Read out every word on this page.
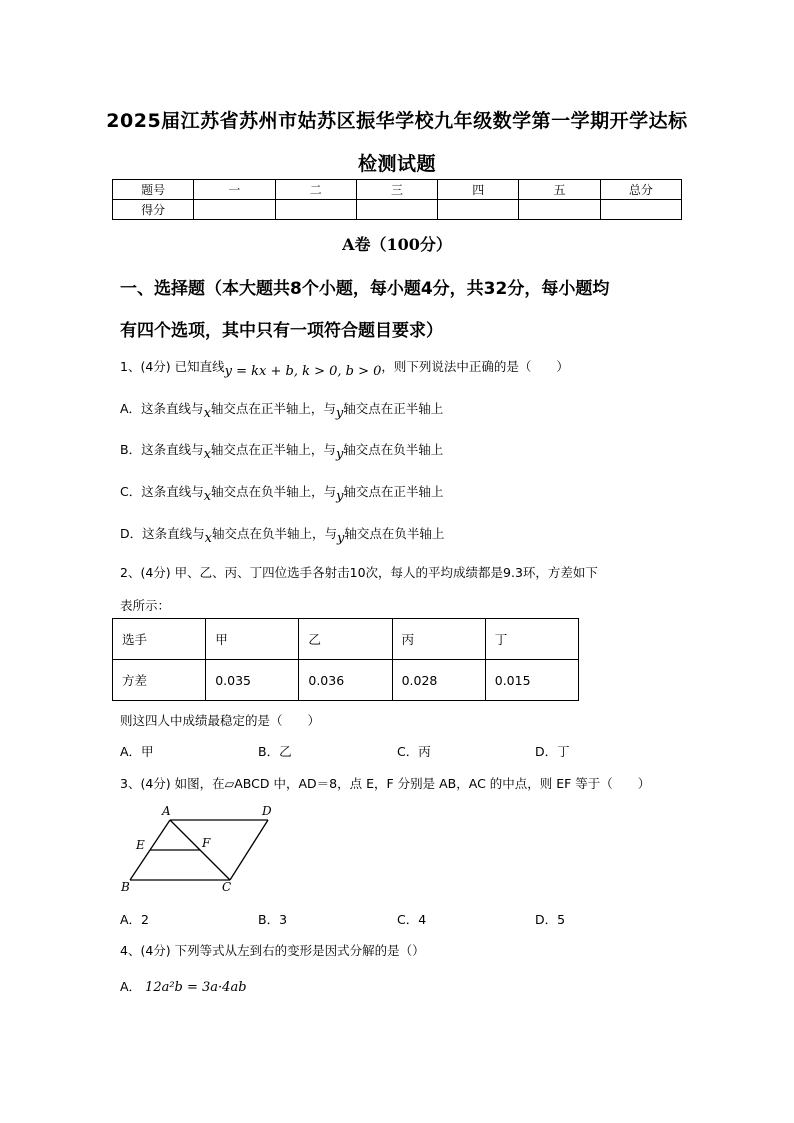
2025届江苏省苏州市姑苏区振华学校九年级数学第一学期开学达标
检测试题
题号	一	二	三	四	五	总分
得分						
A卷（100分）
一、选择题（本大题共8个小题，每小题4分，共32分，每小题均
有四个选项，其中只有一项符合题目要求）
1、(4分) 已知直线y = kx + b, k > 0, b > 0，则下列说法中正确的是（　　）
A．这条直线与x轴交点在正半轴上，与y轴交点在正半轴上
B．这条直线与x轴交点在正半轴上，与y轴交点在负半轴上
C．这条直线与x轴交点在负半轴上，与y轴交点在正半轴上
D．这条直线与x轴交点在负半轴上，与y轴交点在负半轴上
2、(4分) 甲、乙、丙、丁四位选手各射击10次，每人的平均成绩都是9.3环，方差如下
表所示：
选手	甲	乙	丙	丁
方差	0.035	0.036	0.028	0.015
则这四人中成绩最稳定的是（　　）
A．甲	B．乙	C．丙	D．丁
3、(4分) 如图，在▱ABCD 中，AD＝8，点 E，F 分别是 AB，AC 的中点，则 EF 等于（　　）
A	D
E	F
B	C
A．2	B．3	C．4	D．5
4、(4分) 下列等式从左到右的变形是因式分解的是（）
A． 12a²b = 3a·4ab
